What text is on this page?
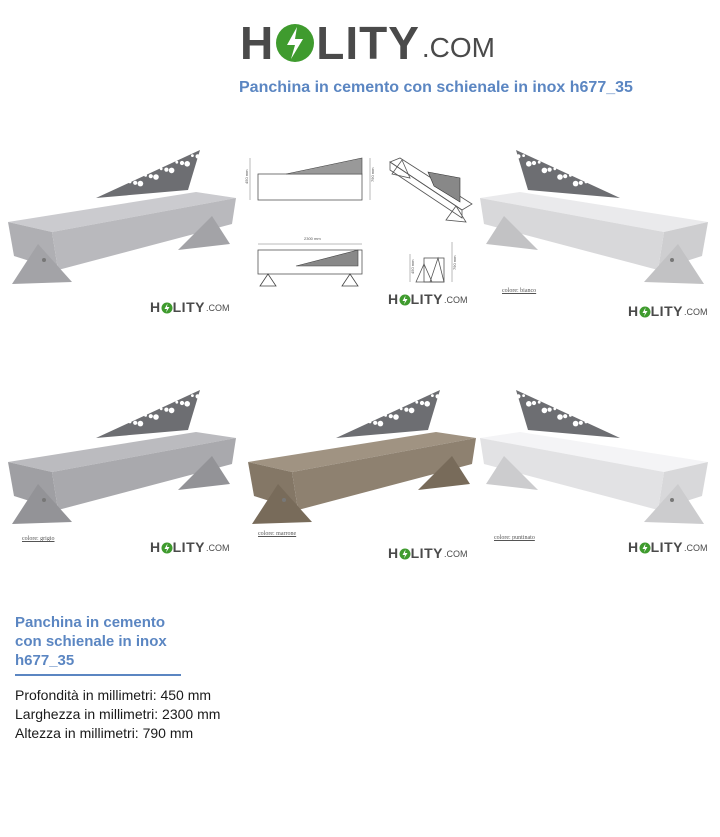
H LITY .COM
Panchina in cemento con schienale in inox h677_35
H LITY .COM
2300 mm
790 mm
450 mm
790 mm
450 mm
H LITY .COM
colore: bianco
H LITY .COM
colore: grigio	H LITY .COM
colore: marrone
H LITY .COM
colore: puntinato
H LITY .COM
Panchina in cemento con schienale in inox h677_35
Profondità in millimetri: 450 mm
Larghezza in millimetri: 2300 mm
Altezza in millimetri: 790 mm
